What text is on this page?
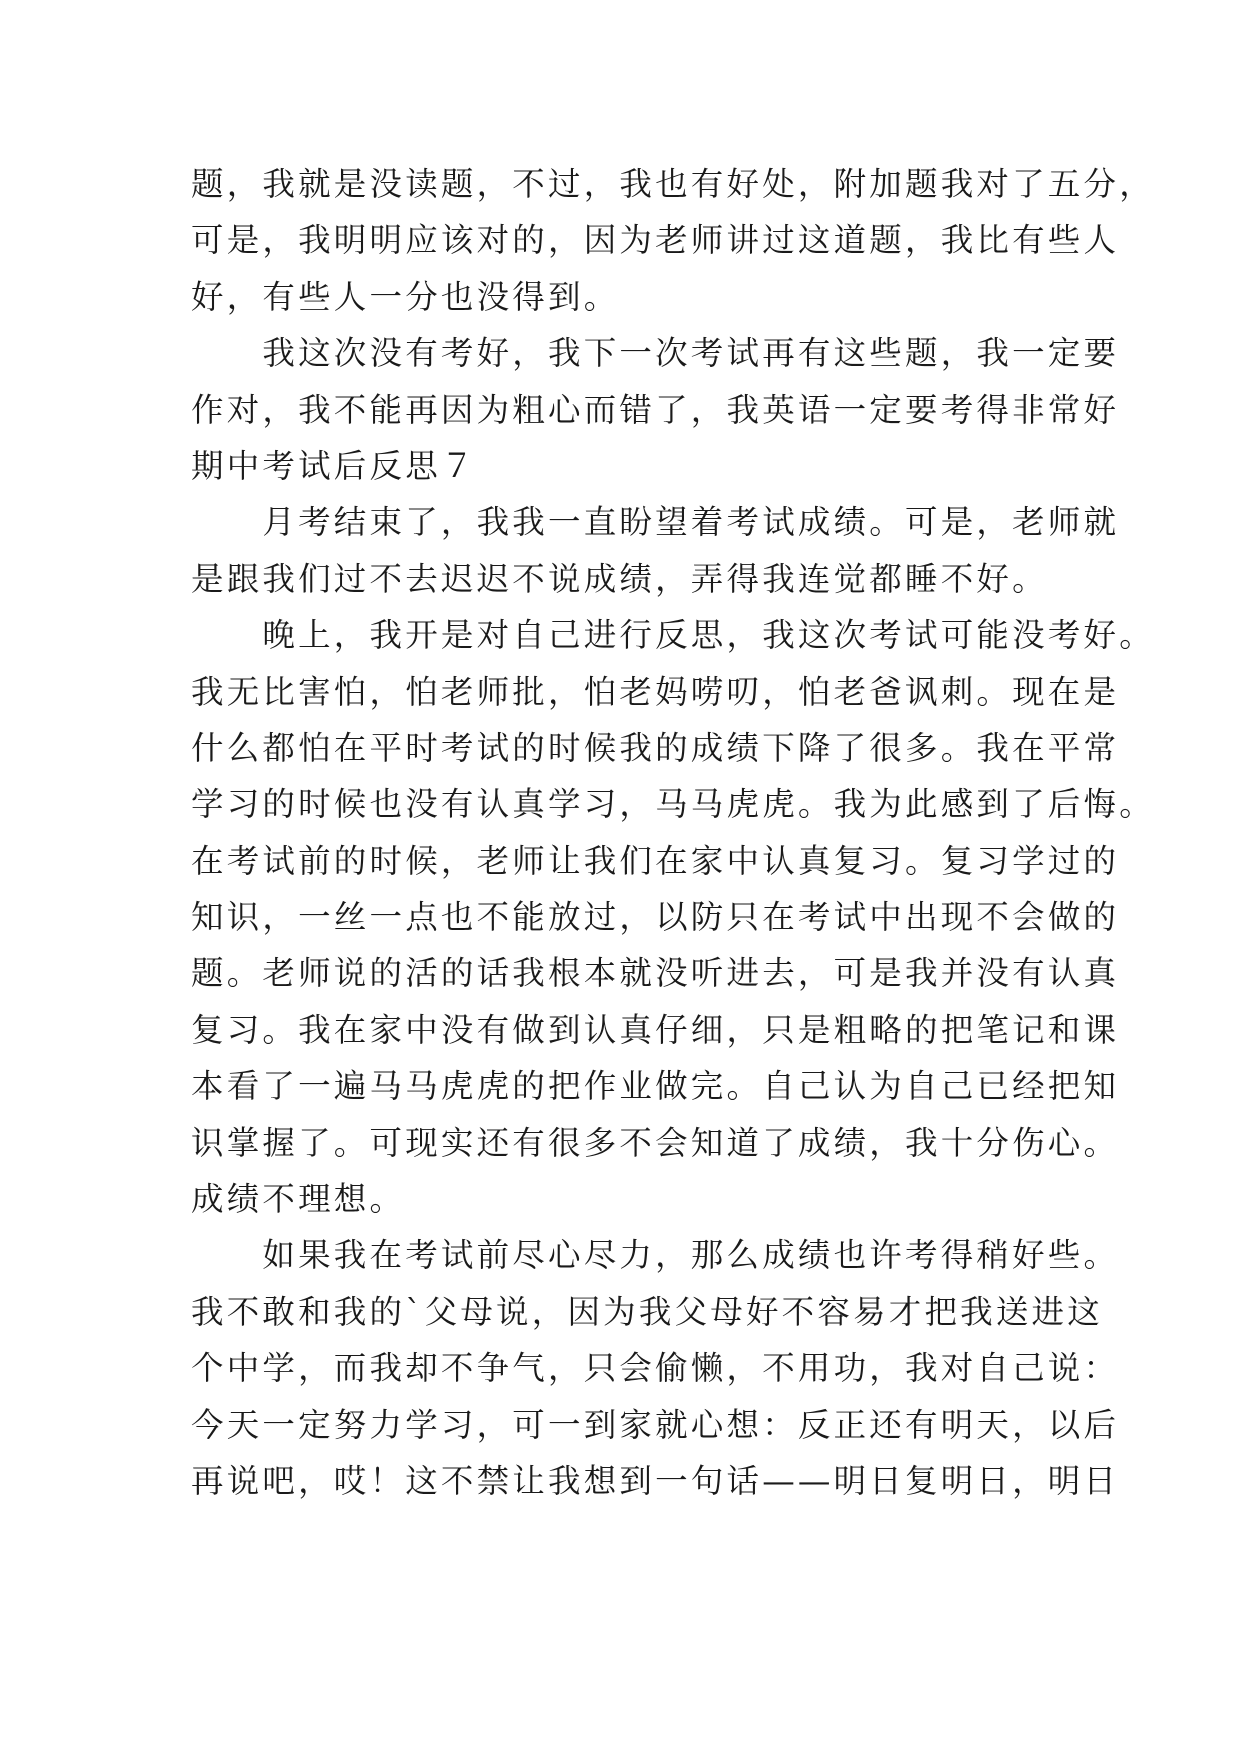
题，我就是没读题，不过，我也有好处，附加题我对了五分，
可是，我明明应该对的，因为老师讲过这道题，我比有些人
好，有些人一分也没得到。
　　我这次没有考好，我下一次考试再有这些题，我一定要
作对，我不能再因为粗心而错了，我英语一定要考得非常好
期中考试后反思７
　　月考结束了，我我一直盼望着考试成绩。可是，老师就
是跟我们过不去迟迟不说成绩，弄得我连觉都睡不好。
　　晚上，我开是对自己进行反思，我这次考试可能没考好。
我无比害怕，怕老师批，怕老妈唠叨，怕老爸讽刺。现在是
什么都怕在平时考试的时候我的成绩下降了很多。我在平常
学习的时候也没有认真学习，马马虎虎。我为此感到了后悔。
在考试前的时候，老师让我们在家中认真复习。复习学过的
知识，一丝一点也不能放过，以防只在考试中出现不会做的
题。老师说的活的话我根本就没听进去，可是我并没有认真
复习。我在家中没有做到认真仔细，只是粗略的把笔记和课
本看了一遍马马虎虎的把作业做完。自己认为自己已经把知
识掌握了。可现实还有很多不会知道了成绩，我十分伤心。
成绩不理想。
　　如果我在考试前尽心尽力，那么成绩也许考得稍好些。
我不敢和我的`父母说，因为我父母好不容易才把我送进这
个中学，而我却不争气，只会偷懒，不用功，我对自己说：
今天一定努力学习，可一到家就心想：反正还有明天，以后
再说吧，哎！这不禁让我想到一句话——明日复明日，明日
